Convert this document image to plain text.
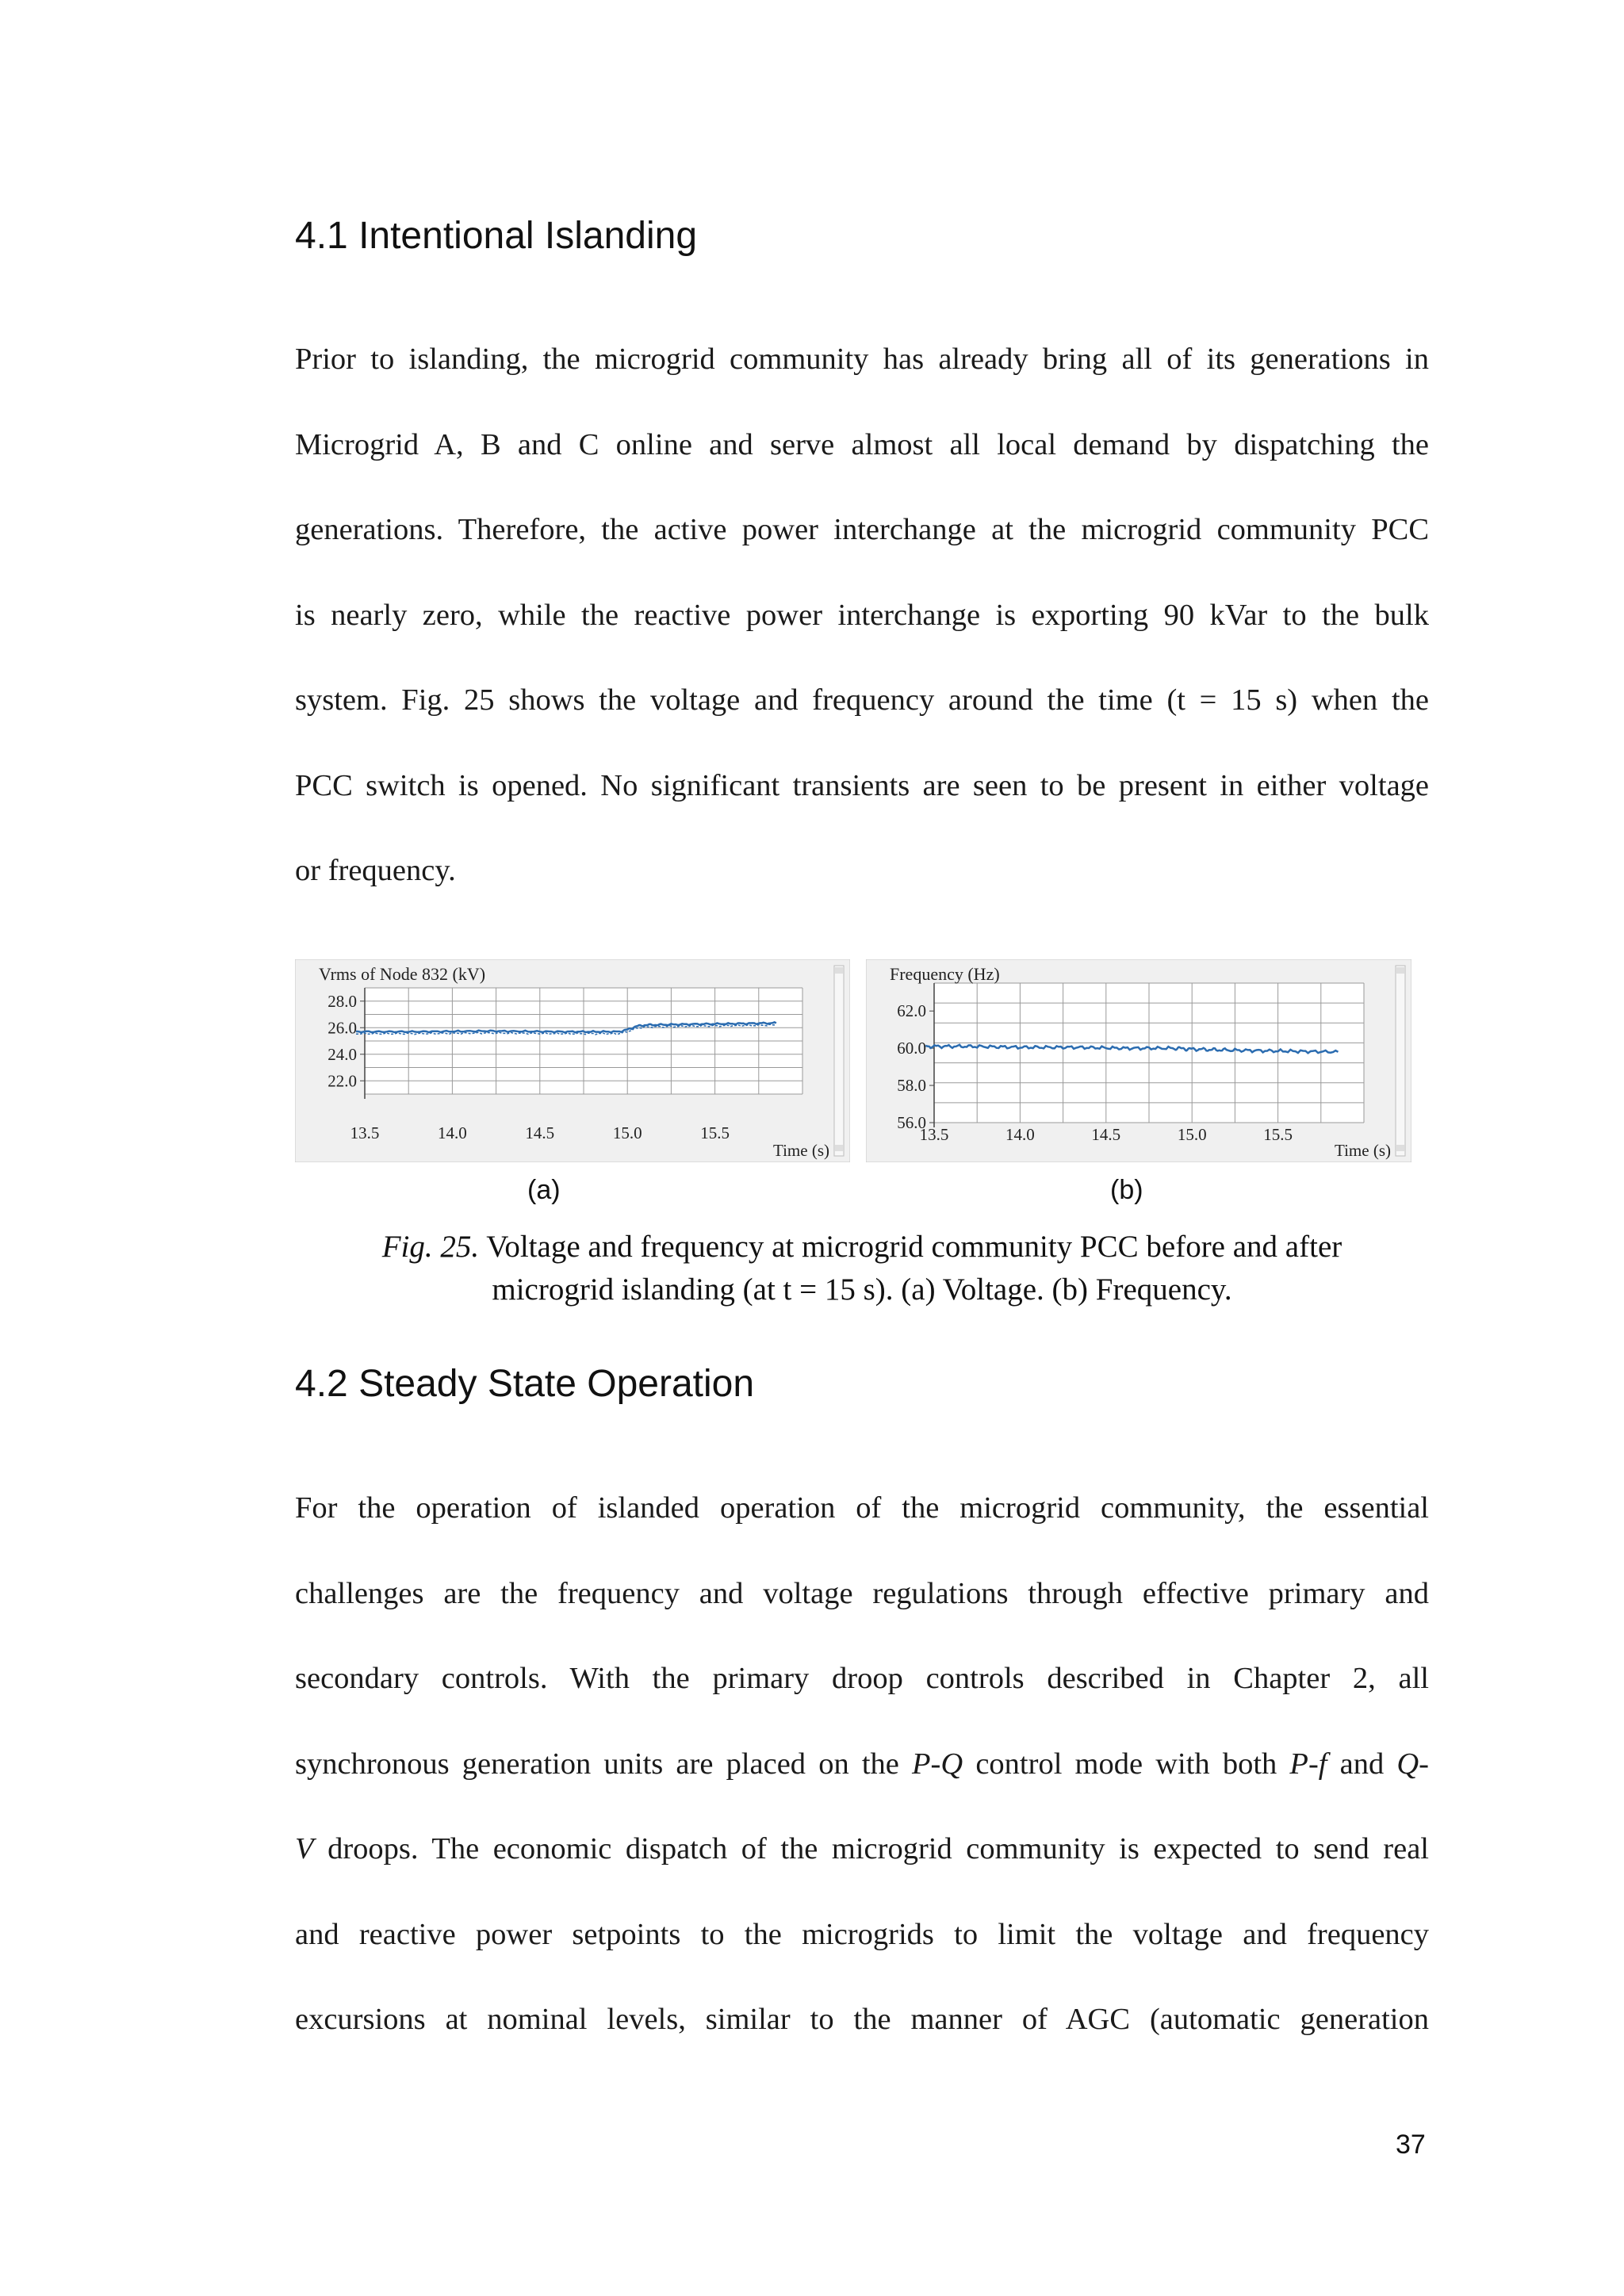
4.1 Intentional Islanding
Prior to islanding, the microgrid community has already bring all of its generations in
Microgrid A, B and C online and serve almost all local demand by dispatching the
generations. Therefore, the active power interchange at the microgrid community PCC
is nearly zero, while the reactive power interchange is exporting 90 kVar to the bulk
system. Fig. 25 shows the voltage and frequency around the time (t = 15 s) when the
PCC switch is opened. No significant transients are seen to be present in either voltage
or frequency.
Vrms of Node 832 (kV)
28.0
26.0
24.0
22.0
13.5	14.0	14.5	15.0	15.5
Time (s)
Frequency (Hz)
62.0
60.0
58.0
56.0
13.5	14.0	14.5	15.0	15.5
Time (s)
(a)	(b)
Fig. 25. Voltage and frequency at microgrid community PCC before and after
microgrid islanding (at t = 15 s). (a) Voltage. (b) Frequency.
4.2 Steady State Operation
For the operation of islanded operation of the microgrid community, the essential
challenges are the frequency and voltage regulations through effective primary and
secondary controls. With the primary droop controls described in Chapter 2, all
synchronous generation units are placed on the P-Q control mode with both P-f and Q-
V droops. The economic dispatch of the microgrid community is expected to send real
and reactive power setpoints to the microgrids to limit the voltage and frequency
excursions at nominal levels, similar to the manner of AGC (automatic generation
37
